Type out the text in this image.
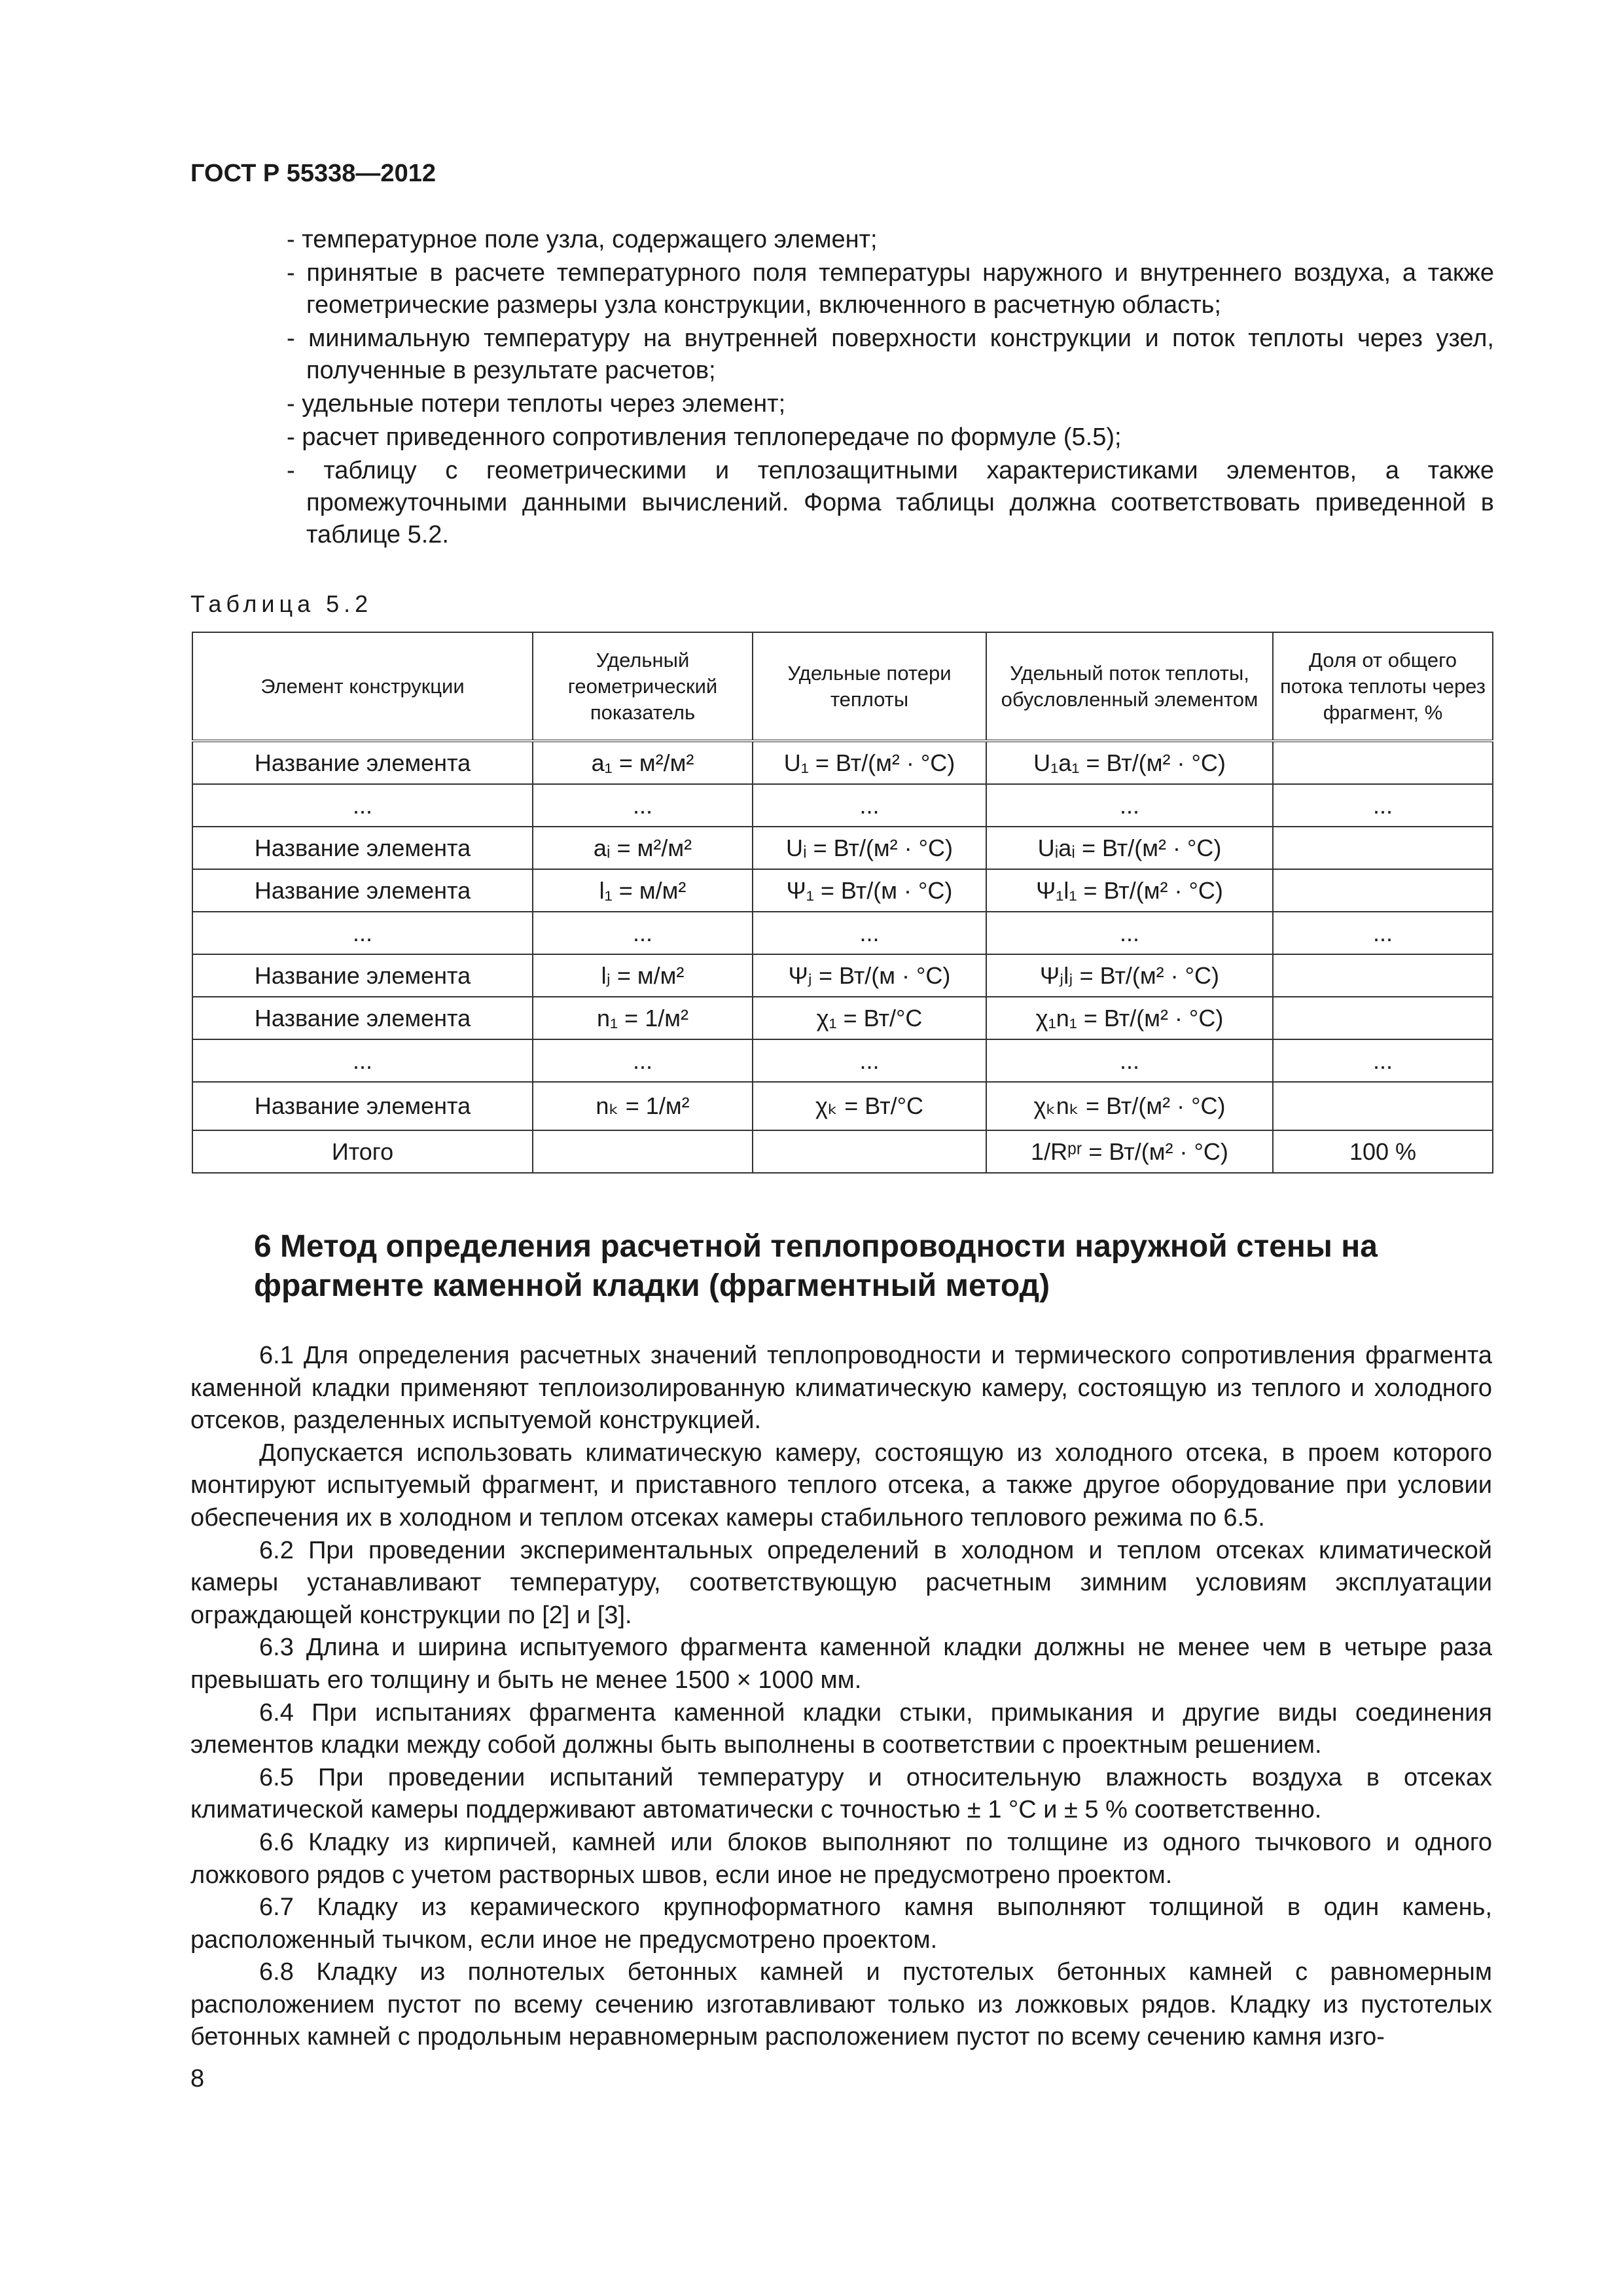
ГОСТ Р 55338—2012
- температурное поле узла, содержащего элемент;
- принятые в расчете температурного поля температуры наружного и внутреннего воздуха, а также геометрические размеры узла конструкции, включенного в расчетную область;
- минимальную температуру на внутренней поверхности конструкции и поток теплоты через узел, полученные в результате расчетов;
- удельные потери теплоты через элемент;
- расчет приведенного сопротивления теплопередаче по формуле (5.5);
- таблицу с геометрическими и теплозащитными характеристиками элементов, а также промежуточными данными вычислений. Форма таблицы должна соответствовать приведенной в таблице 5.2.
Таблица 5.2
Элемент конструкции	Удельный геометрический показатель	Удельные потери теплоты	Удельный поток теплоты, обусловленный элементом	Доля от общего потока теплоты через фрагмент, %
Название элемента	a₁ = м²/м²	U₁ = Вт/(м² · °С)	U₁a₁ = Вт/(м² · °С)	
...	...	...	...	...
Название элемента	aᵢ = м²/м²	Uᵢ = Вт/(м² · °С)	Uᵢaᵢ = Вт/(м² · °С)	
Название элемента	l₁ = м/м²	Ψ₁ = Вт/(м · °С)	Ψ₁l₁ = Вт/(м² · °С)	
...	...	...	...	...
Название элемента	lⱼ = м/м²	Ψⱼ = Вт/(м · °С)	Ψⱼlⱼ = Вт/(м² · °С)	
Название элемента	n₁ = 1/м²	χ₁ = Вт/°С	χ₁n₁ = Вт/(м² · °С)	
...	...	...	...	...
Название элемента	nₖ = 1/м²	χₖ = Вт/°С	χₖnₖ = Вт/(м² · °С)	
Итого			1/Rᵖʳ = Вт/(м² · °С)	100 %
6 Метод определения расчетной теплопроводности наружной стены на фрагменте каменной кладки (фрагментный метод)

6.1 Для определения расчетных значений теплопроводности и термического сопротивления фрагмента каменной кладки применяют теплоизолированную климатическую камеру, состоящую из теплого и холодного отсеков, разделенных испытуемой конструкцией.

Допускается использовать климатическую камеру, состоящую из холодного отсека, в проем которого монтируют испытуемый фрагмент, и приставного теплого отсека, а также другое оборудование при условии обеспечения их в холодном и теплом отсеках камеры стабильного теплового режима по 6.5.

6.2 При проведении экспериментальных определений в холодном и теплом отсеках климатической камеры устанавливают температуру, соответствующую расчетным зимним условиям эксплуатации ограждающей конструкции по [2] и [3].

6.3 Длина и ширина испытуемого фрагмента каменной кладки должны не менее чем в четыре раза превышать его толщину и быть не менее 1500 × 1000 мм.

6.4 При испытаниях фрагмента каменной кладки стыки, примыкания и другие виды соединения элементов кладки между собой должны быть выполнены в соответствии с проектным решением.

6.5 При проведении испытаний температуру и относительную влажность воздуха в отсеках климатической камеры поддерживают автоматически с точностью ± 1 °С и ± 5 % соответственно.

6.6 Кладку из кирпичей, камней или блоков выполняют по толщине из одного тычкового и одного ложкового рядов с учетом растворных швов, если иное не предусмотрено проектом.

6.7 Кладку из керамического крупноформатного камня выполняют толщиной в один камень, расположенный тычком, если иное не предусмотрено проектом.

6.8 Кладку из полнотелых бетонных камней и пустотелых бетонных камней с равномерным расположением пустот по всему сечению изготавливают только из ложковых рядов. Кладку из пустотелых бетонных камней с продольным неравномерным расположением пустот по всему сечению камня изго-

8
